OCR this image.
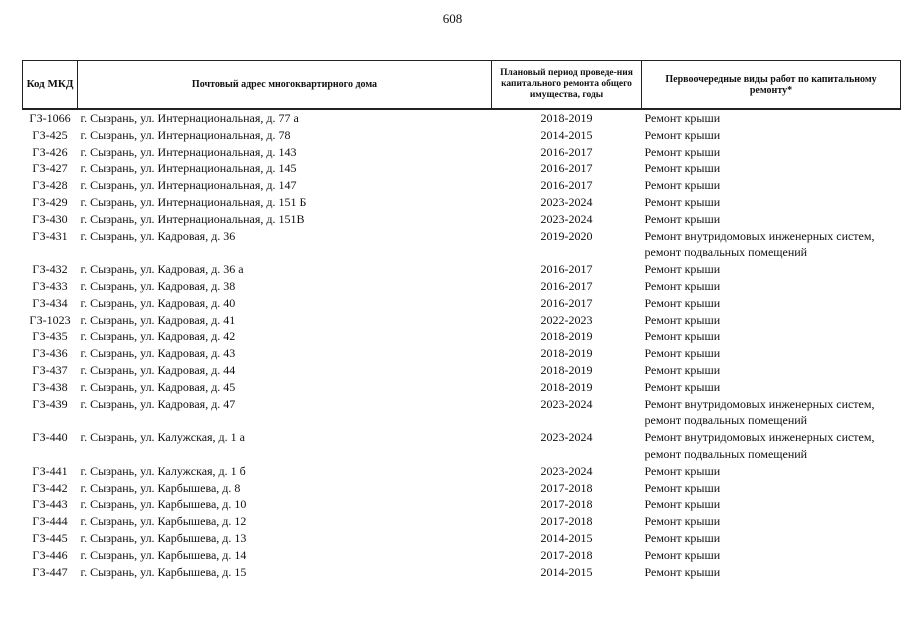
608
Код МКД	Почтовый адрес многоквартирного дома	Плановый период проведе-ния капитального ремонта общего имущества, годы	Первоочередные виды работ по капитальному ремонту*
ГЗ-1066	г. Сызрань, ул. Интернациональная, д. 77 а	2018-2019	Ремонт крыши

ГЗ-425	г. Сызрань, ул. Интернациональная, д. 78	2014-2015	Ремонт крыши

ГЗ-426	г. Сызрань, ул. Интернациональная, д. 143	2016-2017	Ремонт крыши

ГЗ-427	г. Сызрань, ул. Интернациональная, д. 145	2016-2017	Ремонт крыши

ГЗ-428	г. Сызрань, ул. Интернациональная, д. 147	2016-2017	Ремонт крыши

ГЗ-429	г. Сызрань, ул. Интернациональная, д. 151 Б	2023-2024	Ремонт крыши

ГЗ-430	г. Сызрань, ул. Интернациональная, д. 151В	2023-2024	Ремонт крыши

ГЗ-431	г. Сызрань, ул. Кадровая, д. 36	2019-2020	Ремонт внутридомовых инженерных систем,
ремонт подвальных помещений

ГЗ-432	г. Сызрань, ул. Кадровая, д. 36 а	2016-2017	Ремонт крыши

ГЗ-433	г. Сызрань, ул. Кадровая, д. 38	2016-2017	Ремонт крыши

ГЗ-434	г. Сызрань, ул. Кадровая, д. 40	2016-2017	Ремонт крыши

ГЗ-1023	г. Сызрань, ул. Кадровая, д. 41	2022-2023	Ремонт крыши

ГЗ-435	г. Сызрань, ул. Кадровая, д. 42	2018-2019	Ремонт крыши

ГЗ-436	г. Сызрань, ул. Кадровая, д. 43	2018-2019	Ремонт крыши

ГЗ-437	г. Сызрань, ул. Кадровая, д. 44	2018-2019	Ремонт крыши

ГЗ-438	г. Сызрань, ул. Кадровая, д. 45	2018-2019	Ремонт крыши

ГЗ-439	г. Сызрань, ул. Кадровая, д. 47	2023-2024	Ремонт внутридомовых инженерных систем,
ремонт подвальных помещений

ГЗ-440	г. Сызрань, ул. Калужская, д. 1 а	2023-2024	Ремонт внутридомовых инженерных систем,
ремонт подвальных помещений

ГЗ-441	г. Сызрань, ул. Калужская, д. 1 б	2023-2024	Ремонт крыши

ГЗ-442	г. Сызрань, ул. Карбышева, д. 8	2017-2018	Ремонт крыши

ГЗ-443	г. Сызрань, ул. Карбышева, д. 10	2017-2018	Ремонт крыши

ГЗ-444	г. Сызрань, ул. Карбышева, д. 12	2017-2018	Ремонт крыши

ГЗ-445	г. Сызрань, ул. Карбышева, д. 13	2014-2015	Ремонт крыши

ГЗ-446	г. Сызрань, ул. Карбышева, д. 14	2017-2018	Ремонт крыши

ГЗ-447	г. Сызрань, ул. Карбышева, д. 15	2014-2015	Ремонт крыши
